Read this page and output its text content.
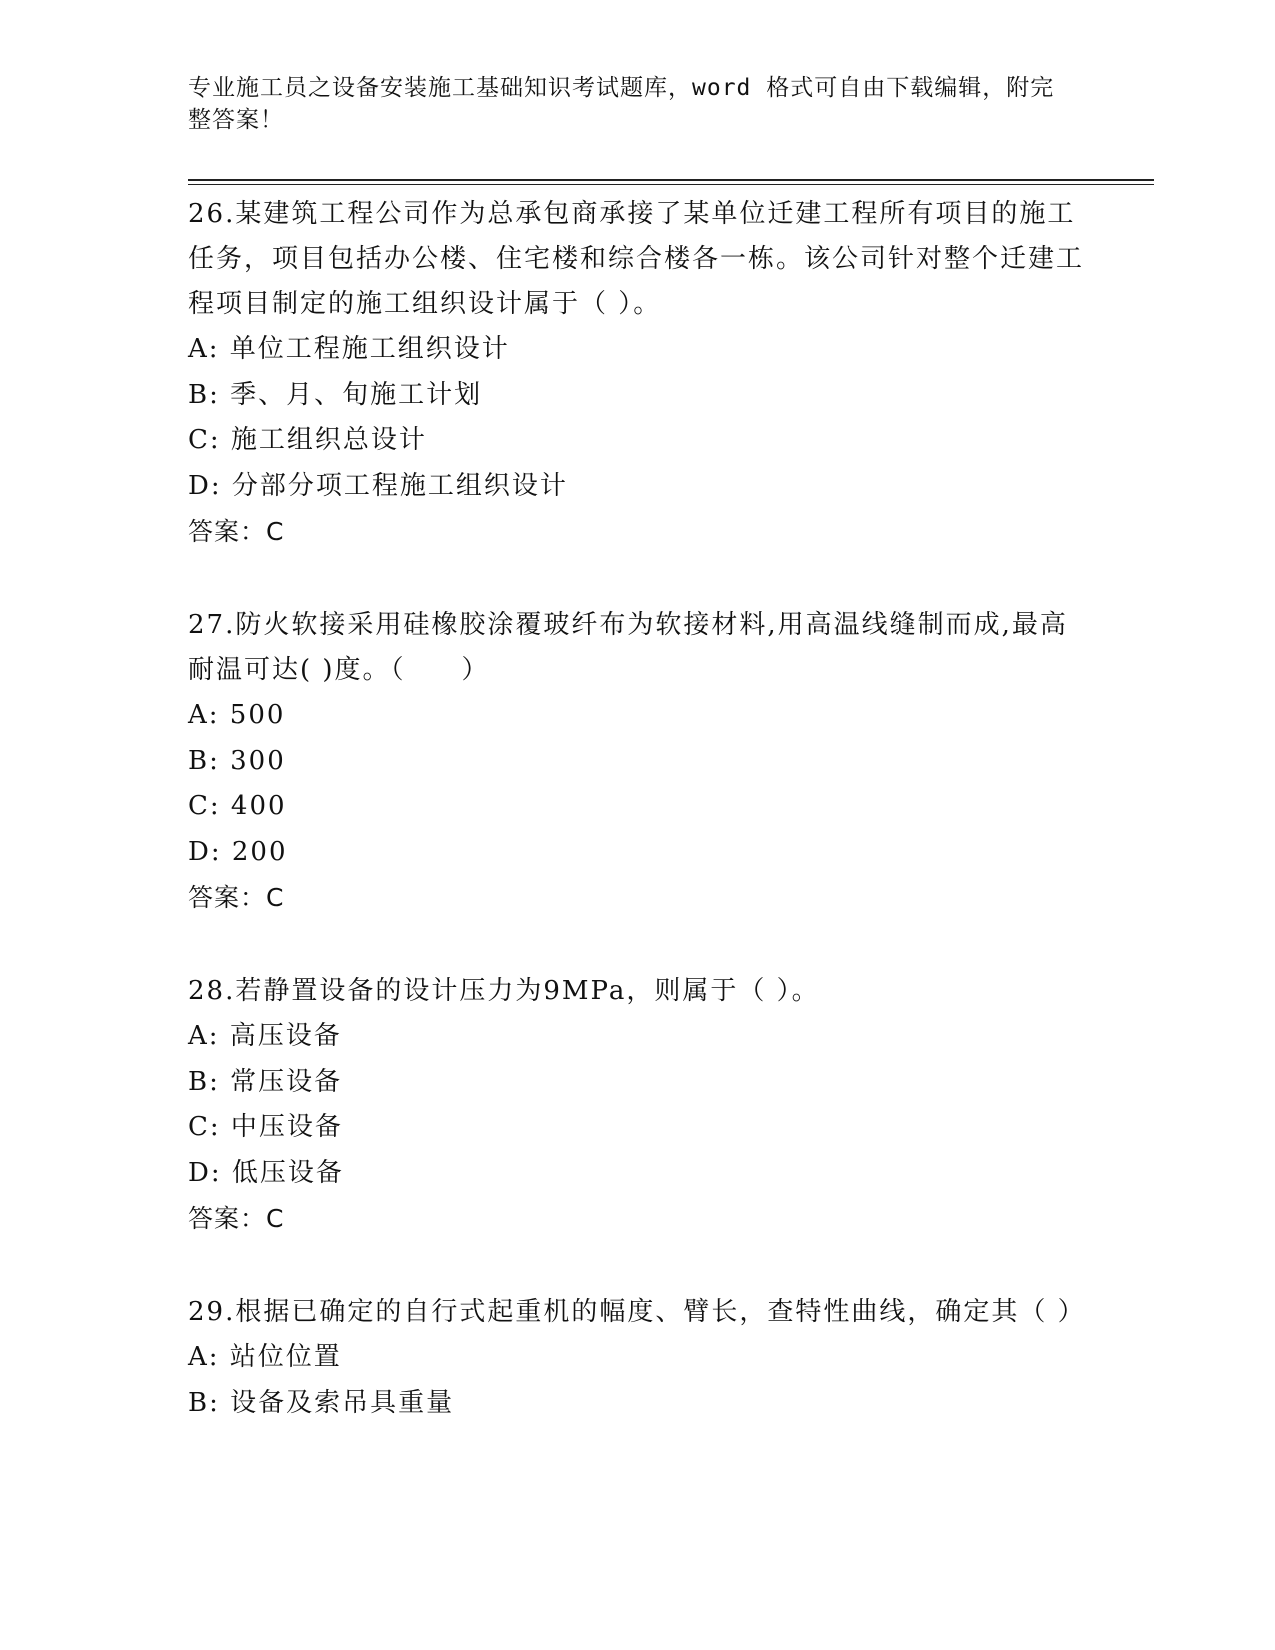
专业施工员之设备安装施工基础知识考试题库，word 格式可自由下载编辑，附完整答案！
26.某建筑工程公司作为总承包商承接了某单位迁建工程所有项目的施工任务，项目包括办公楼、住宅楼和综合楼各一栋。该公司针对整个迁建工程项目制定的施工组织设计属于（ ）。
A: 单位工程施工组织设计
B: 季、月、旬施工计划
C: 施工组织总设计
D: 分部分项工程施工组织设计
答案：C
27.防火软接采用硅橡胶涂覆玻纤布为软接材料,用高温线缝制而成,最高耐温可达( )度。（　　）
A: 500
B: 300
C: 400
D: 200
答案：C
28.若静置设备的设计压力为9MPa，则属于（ ）。
A: 高压设备
B: 常压设备
C: 中压设备
D: 低压设备
答案：C
29.根据已确定的自行式起重机的幅度、臂长，查特性曲线，确定其（ ）
A: 站位位置
B: 设备及索吊具重量
